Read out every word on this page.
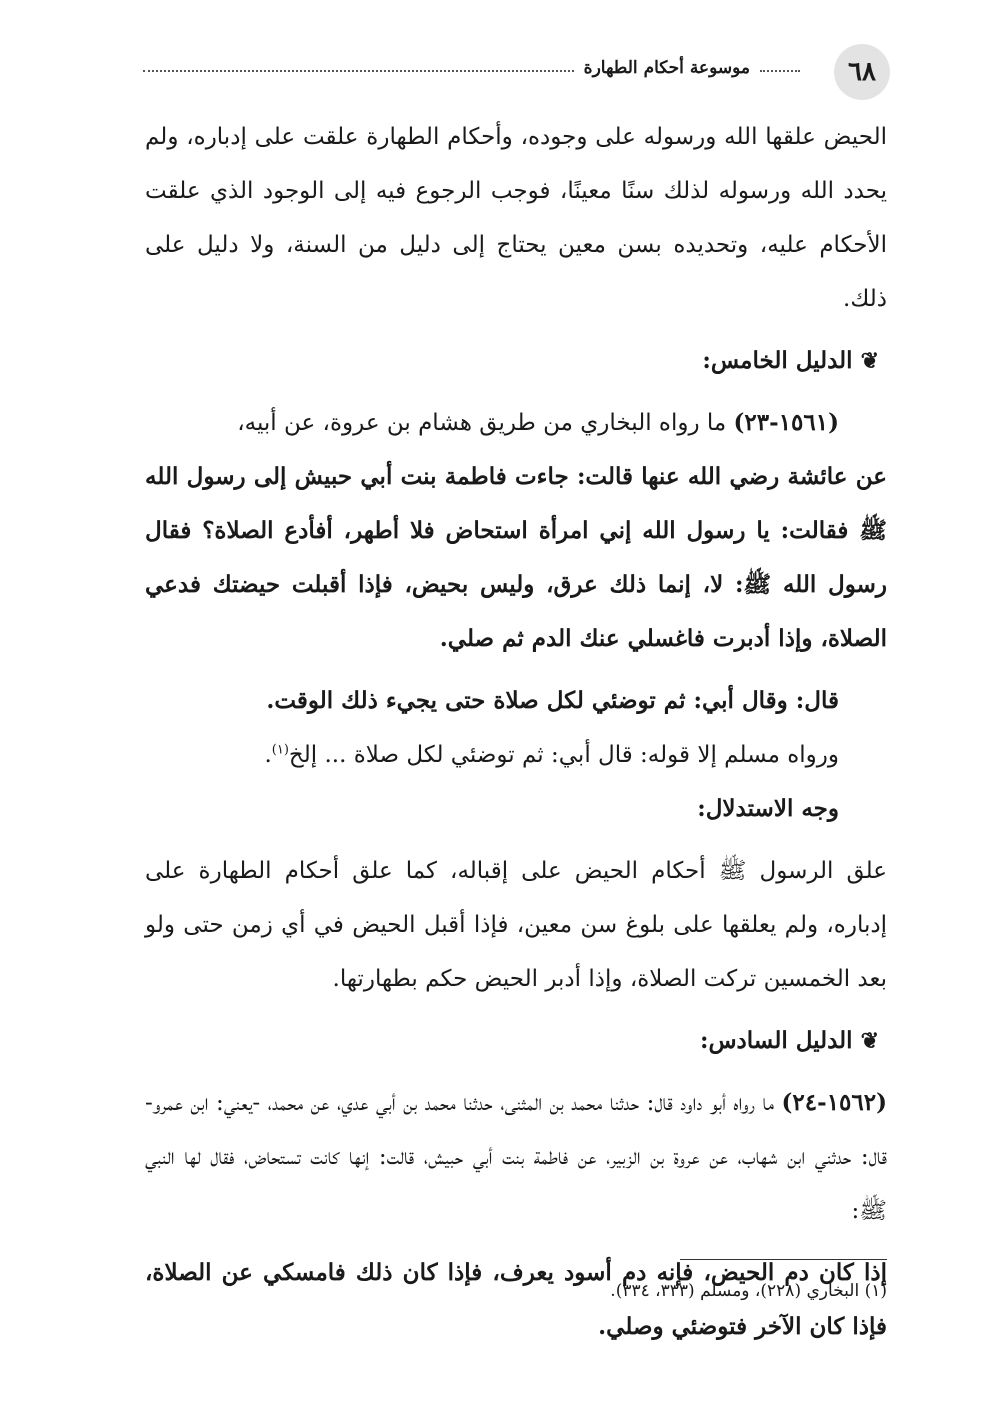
٦٨
موسوعة أحكام الطهارة

الحيض علقها الله ورسوله على وجوده، وأحكام الطهارة علقت على إدباره، ولم يحدد الله ورسوله لذلك سنًا معينًا، فوجب الرجوع فيه إلى الوجود الذي علقت الأحكام عليه، وتحديده بسن معين يحتاج إلى دليل من السنة، ولا دليل على ذلك.

❦الدليل الخامس:

(١٥٦١-٢٣) ما رواه البخاري من طريق هشام بن عروة، عن أبيه،

عن عائشة رضي الله عنها قالت: جاءت فاطمة بنت أبي حبيش إلى رسول الله ﷺ فقالت: يا رسول الله إني امرأة استحاض فلا أطهر، أفأدع الصلاة؟ فقال رسول الله ﷺ: لا، إنما ذلك عرق، وليس بحيض، فإذا أقبلت حيضتك فدعي الصلاة، وإذا أدبرت فاغسلي عنك الدم ثم صلي.

قال: وقال أبي: ثم توضئي لكل صلاة حتى يجيء ذلك الوقت.

ورواه مسلم إلا قوله: قال أبي: ثم توضئي لكل صلاة ... إلخ$^{(١)}$.

وجه الاستدلال:

علق الرسول ﷺ أحكام الحيض على إقباله، كما علق أحكام الطهارة على إدباره، ولم يعلقها على بلوغ سن معين، فإذا أقبل الحيض في أي زمن حتى ولو بعد الخمسين تركت الصلاة، وإذا أدبر الحيض حكم بطهارتها.

❦الدليل السادس:

(١٥٦٢-٢٤) ما رواه أبو داود قال: حدثنا محمد بن المثنى، حدثنا محمد بن أبي عدي، عن محمد، -يعني: ابن عمرو- قال: حدثني ابن شهاب، عن عروة بن الزبير، عن فاطمة بنت أبي حبيش، قالت: إنها كانت تستحاض، فقال لها النبي ﷺ:

إذا كان دم الحيض، فإنه دم أسود يعرف، فإذا كان ذلك فامسكي عن الصلاة، فإذا كان الآخر فتوضئي وصلي.

(١) البخاري (٢٢٨)، ومسلم (٣٣٣، ٣٣٤).
